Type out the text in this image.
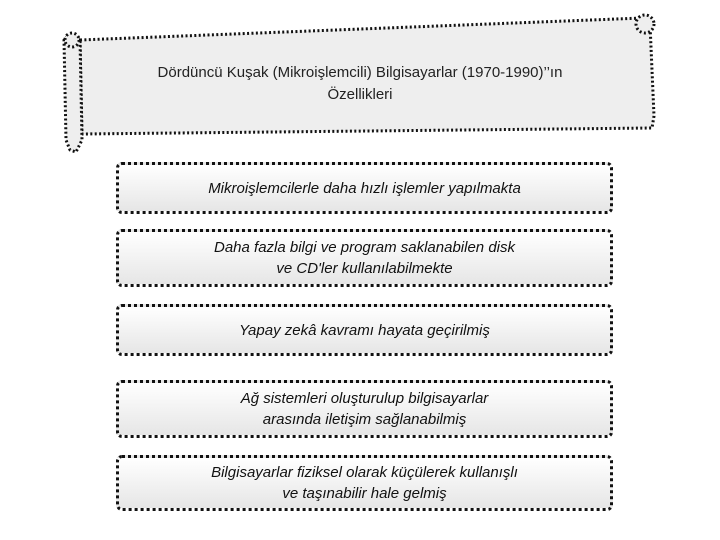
Dördüncü Kuşak (Mikroişlemcili) Bilgisayarlar (1970-1990)’’ın
Özellikleri
Mikroişlemcilerle daha hızlı işlemler yapılmakta
Daha fazla bilgi ve program saklanabilen disk
ve CD'ler kullanılabilmekte
Yapay zekâ kavramı hayata geçirilmiş
Ağ sistemleri oluşturulup bilgisayarlar
arasında iletişim sağlanabilmiş
Bilgisayarlar fiziksel olarak küçülerek kullanışlı
ve taşınabilir hale gelmiş
